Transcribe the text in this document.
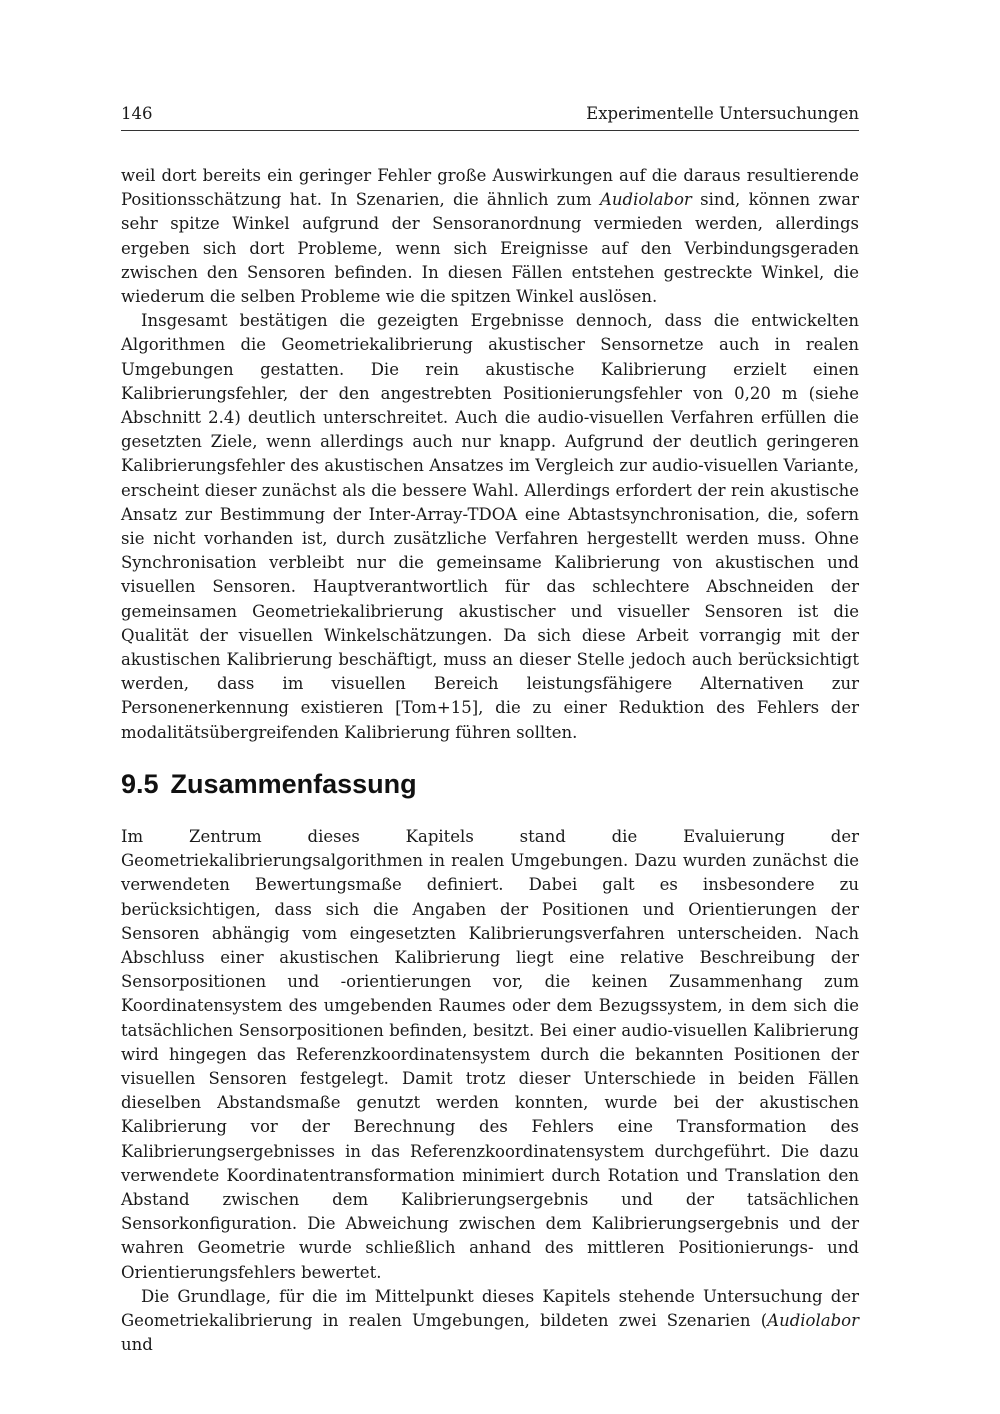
146	Experimentelle Untersuchungen

weil dort bereits ein geringer Fehler große Auswirkungen auf die daraus resultierende Positionsschätzung hat. In Szenarien, die ähnlich zum Audiolabor sind, können zwar sehr spitze Winkel aufgrund der Sensoranordnung vermieden werden, allerdings ergeben sich dort Probleme, wenn sich Ereignisse auf den Verbindungsgeraden zwischen den Sensoren befinden. In diesen Fällen entstehen gestreckte Winkel, die wiederum die selben Probleme wie die spitzen Winkel auslösen.

Insgesamt bestätigen die gezeigten Ergebnisse dennoch, dass die entwickelten Algorithmen die Geometriekalibrierung akustischer Sensornetze auch in realen Umgebungen gestatten. Die rein akustische Kalibrierung erzielt einen Kalibrierungsfehler, der den angestrebten Positionierungsfehler von 0,20 m (siehe Abschnitt 2.4) deutlich unterschreitet. Auch die audio-visuellen Verfahren erfüllen die gesetzten Ziele, wenn allerdings auch nur knapp. Aufgrund der deutlich geringeren Kalibrierungsfehler des akustischen Ansatzes im Vergleich zur audio-visuellen Variante, erscheint dieser zunächst als die bessere Wahl. Allerdings erfordert der rein akustische Ansatz zur Bestimmung der Inter-Array-TDOA eine Abtastsynchronisation, die, sofern sie nicht vorhanden ist, durch zusätzliche Verfahren hergestellt werden muss. Ohne Synchronisation verbleibt nur die gemeinsame Kalibrierung von akustischen und visuellen Sensoren. Hauptverantwortlich für das schlechtere Abschneiden der gemeinsamen Geometriekalibrierung akustischer und visueller Sensoren ist die Qualität der visuellen Winkelschätzungen. Da sich diese Arbeit vorrangig mit der akustischen Kalibrierung beschäftigt, muss an dieser Stelle jedoch auch berücksichtigt werden, dass im visuellen Bereich leistungsfähigere Alternativen zur Personenerkennung existieren [Tom+15], die zu einer Reduktion des Fehlers der modalitätsübergreifenden Kalibrierung führen sollten.

9.5 Zusammenfassung

Im Zentrum dieses Kapitels stand die Evaluierung der Geometriekalibrierungsalgorithmen in realen Umgebungen. Dazu wurden zunächst die verwendeten Bewertungsmaße definiert. Dabei galt es insbesondere zu berücksichtigen, dass sich die Angaben der Positionen und Orientierungen der Sensoren abhängig vom eingesetzten Kalibrierungsverfahren unterscheiden. Nach Abschluss einer akustischen Kalibrierung liegt eine relative Beschreibung der Sensorpositionen und -orientierungen vor, die keinen Zusammenhang zum Koordinatensystem des umgebenden Raumes oder dem Bezugssystem, in dem sich die tatsächlichen Sensorpositionen befinden, besitzt. Bei einer audio-visuellen Kalibrierung wird hingegen das Referenzkoordinatensystem durch die bekannten Positionen der visuellen Sensoren festgelegt. Damit trotz dieser Unterschiede in beiden Fällen dieselben Abstandsmaße genutzt werden konnten, wurde bei der akustischen Kalibrierung vor der Berechnung des Fehlers eine Transformation des Kalibrierungsergebnisses in das Referenzkoordinatensystem durchgeführt. Die dazu verwendete Koordinatentransformation minimiert durch Rotation und Translation den Abstand zwischen dem Kalibrierungsergebnis und der tatsächlichen Sensorkonfiguration. Die Abweichung zwischen dem Kalibrierungsergebnis und der wahren Geometrie wurde schließlich anhand des mittleren Positionierungs- und Orientierungsfehlers bewertet.

Die Grundlage, für die im Mittelpunkt dieses Kapitels stehende Untersuchung der Geometriekalibrierung in realen Umgebungen, bildeten zwei Szenarien (Audiolabor und
